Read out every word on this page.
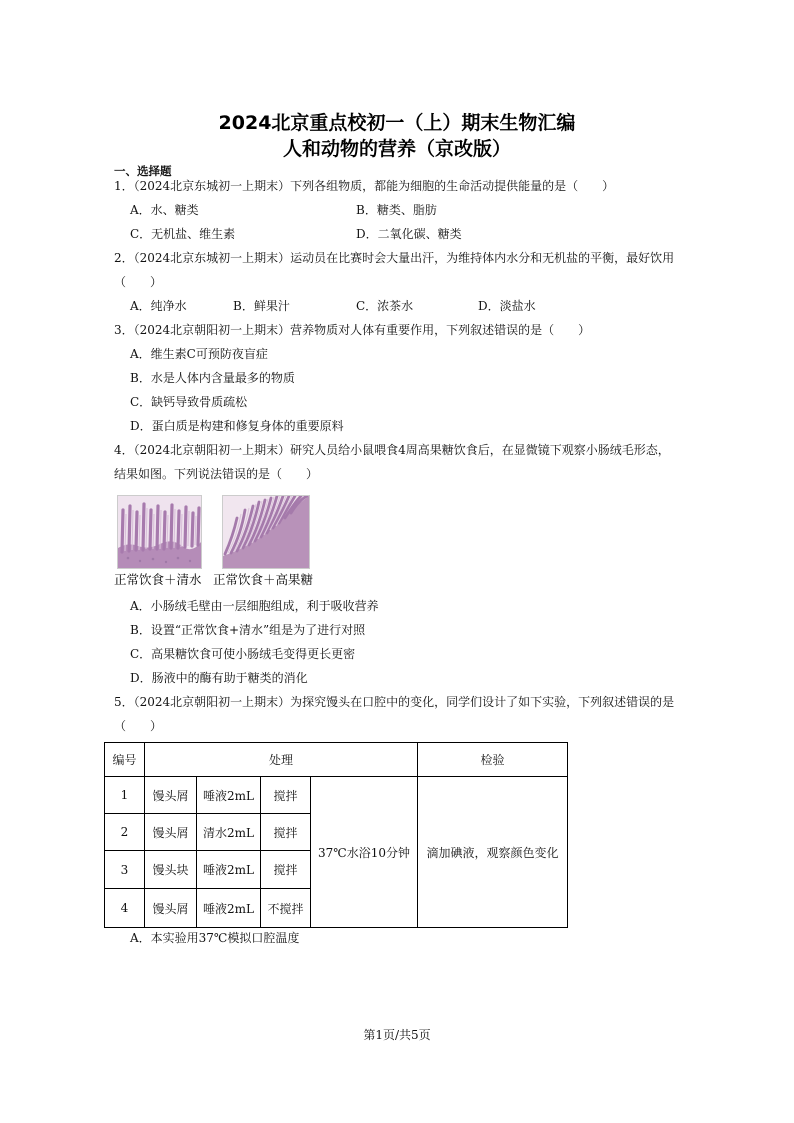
2024北京重点校初一（上）期末生物汇编
人和动物的营养（京改版）
一、选择题
1．（2024北京东城初一上期末）下列各组物质，都能为细胞的生命活动提供能量的是（　　）
A．水、糖类	B．糖类、脂肪
C．无机盐、维生素	D．二氧化碳、糖类
2．（2024北京东城初一上期末）运动员在比赛时会大量出汗，为维持体内水分和无机盐的平衡，最好饮用
（　　）
A．纯净水	B．鲜果汁	C．浓茶水	D．淡盐水
3．（2024北京朝阳初一上期末）营养物质对人体有重要作用，下列叙述错误的是（　　）
A．维生素C可预防夜盲症
B．水是人体内含量最多的物质
C．缺钙导致骨质疏松
D．蛋白质是构建和修复身体的重要原料
4．（2024北京朝阳初一上期末）研究人员给小鼠喂食4周高果糖饮食后，在显微镜下观察小肠绒毛形态，
结果如图。下列说法错误的是（　　）
正常饮食＋清水 正常饮食＋高果糖
A．小肠绒毛壁由一层细胞组成，利于吸收营养
B．设置“正常饮食+清水”组是为了进行对照
C．高果糖饮食可使小肠绒毛变得更长更密
D．肠液中的酶有助于糖类的消化
5．（2024北京朝阳初一上期末）为探究馒头在口腔中的变化，同学们设计了如下实验，下列叙述错误的是
（　　）
编号	处理				检验
1	馒头屑	唾液2mL	搅拌	37℃水浴10分钟	滴加碘液，观察颜色变化
2	馒头屑	清水2mL	搅拌		
3	馒头块	唾液2mL	搅拌		
4	馒头屑	唾液2mL	不搅拌		
A．本实验用37℃模拟口腔温度
第1页/共5页
